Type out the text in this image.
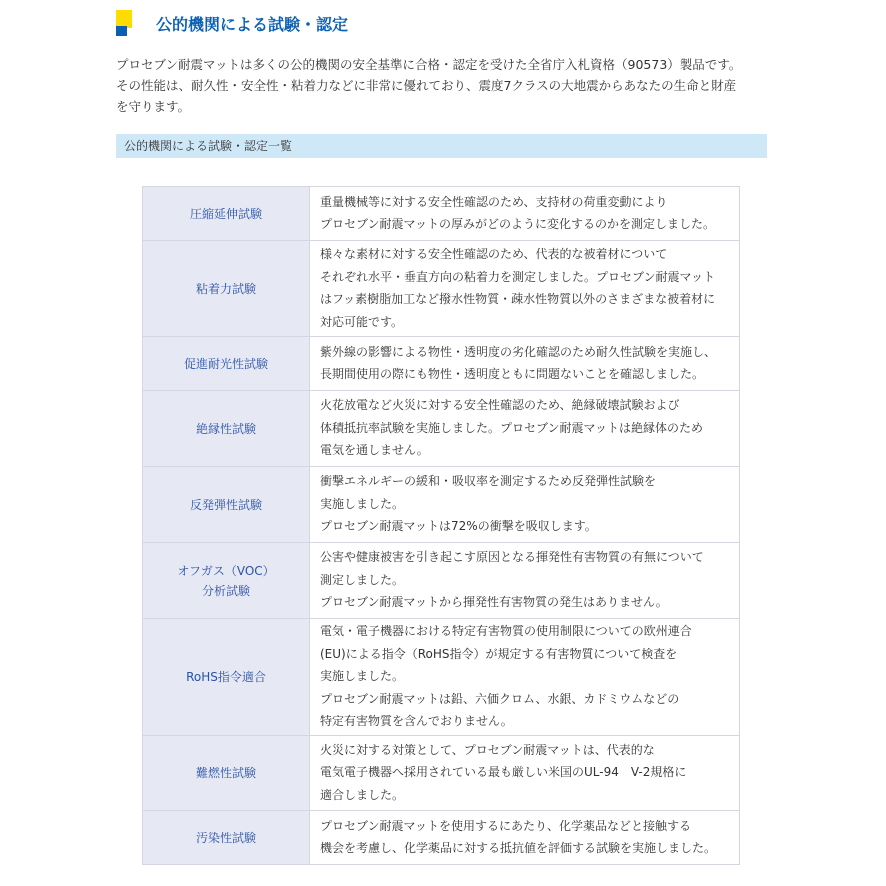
公的機関による試験・認定

プロセブン耐震マットは多くの公的機関の安全基準に合格・認定を受けた全省庁入札資格（90573）製品です。

その性能は、耐久性・安全性・粘着力などに非常に優れており、震度7クラスの大地震からあなたの生命と財産

を守ります。

公的機関による試験・認定一覧
圧縮延伸試験	重量機械等に対する安全性確認のため、支持材の荷重変動により
プロセブン耐震マットの厚みがどのように変化するのかを測定しました。

粘着力試験	様々な素材に対する安全性確認のため、代表的な被着材について
それぞれ水平・垂直方向の粘着力を測定しました。プロセブン耐震マット
はフッ素樹脂加工など撥水性物質・疎水性物質以外のさまざまな被着材に
対応可能です。

促進耐光性試験	紫外線の影響による物性・透明度の劣化確認のため耐久性試験を実施し、
長期間使用の際にも物性・透明度ともに問題ないことを確認しました。

絶縁性試験	火花放電など火災に対する安全性確認のため、絶縁破壊試験および
体積抵抗率試験を実施しました。プロセブン耐震マットは絶縁体のため
電気を通しません。

反発弾性試験	衝撃エネルギーの緩和・吸収率を測定するため反発弾性試験を
実施しました。
プロセブン耐震マットは72%の衝撃を吸収します。

オフガス（VOC）
分析試験	公害や健康被害を引き起こす原因となる揮発性有害物質の有無について
測定しました。
プロセブン耐震マットから揮発性有害物質の発生はありません。

RoHS指令適合	電気・電子機器における特定有害物質の使用制限についての欧州連合
(EU)による指令（RoHS指令）が規定する有害物質について検査を
実施しました。
プロセブン耐震マットは鉛、六価クロム、水銀、カドミウムなどの
特定有害物質を含んでおりません。

難燃性試験	火災に対する対策として、プロセブン耐震マットは、代表的な
電気電子機器へ採用されている最も厳しい米国のUL-94　V-2規格に
適合しました。

汚染性試験	プロセブン耐震マットを使用するにあたり、化学薬品などと接触する
機会を考慮し、化学薬品に対する抵抗値を評価する試験を実施しました。
